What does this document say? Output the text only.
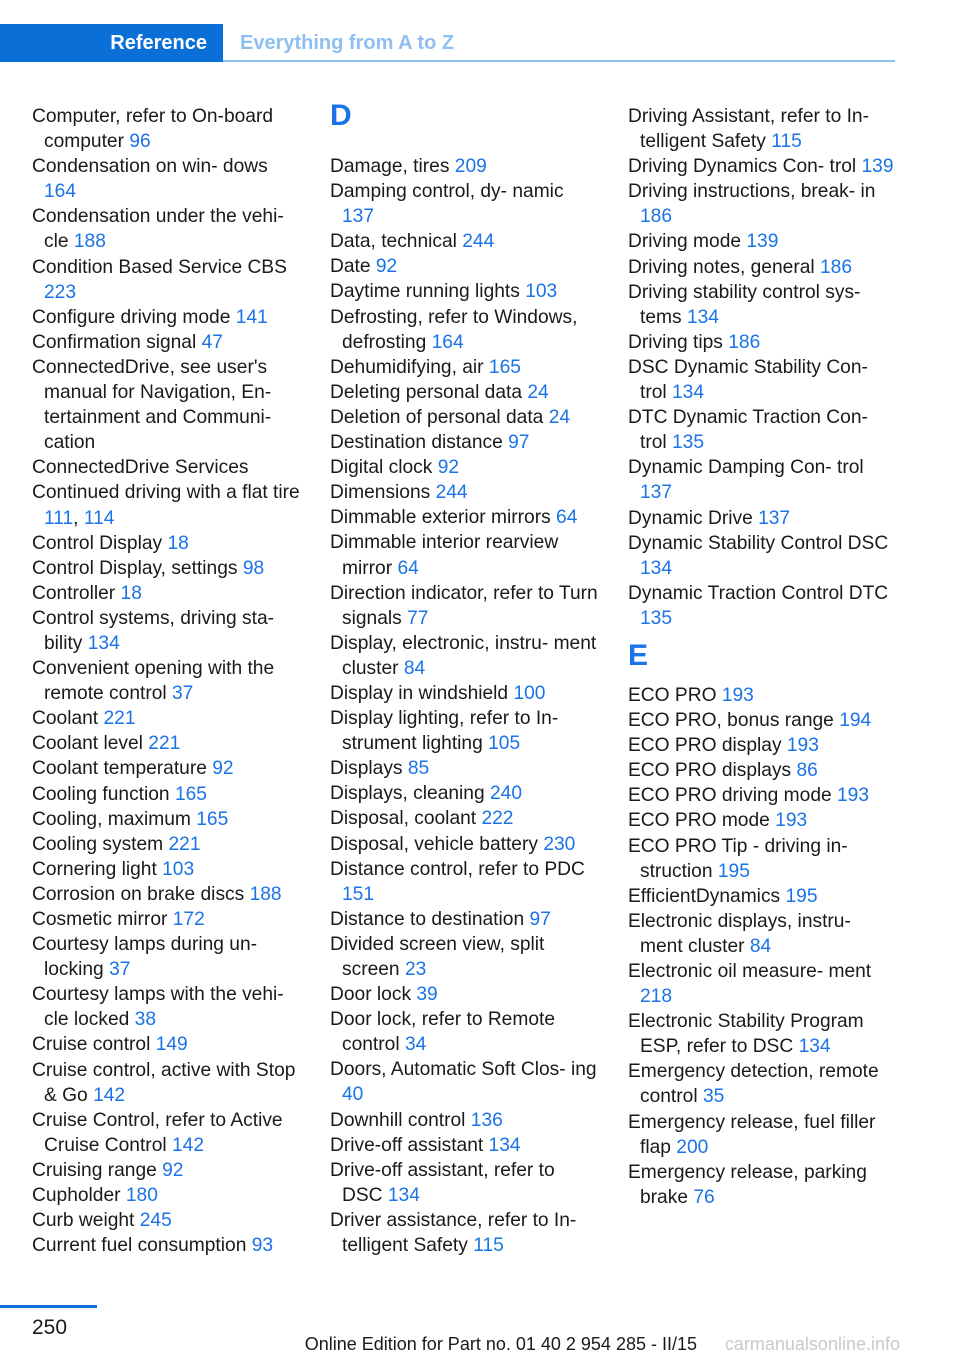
Reference	Everything from A to Z
Computer, refer to On-board computer 96
Condensation on win‐ dows 164
Condensation under the vehi‐ cle 188
Condition Based Service CBS 223
Configure driving mode 141
Confirmation signal 47
ConnectedDrive, see user's manual for Navigation, En‐ tertainment and Communi‐ cation
ConnectedDrive Services
Continued driving with a flat tire 111, 114
Control Display 18
Control Display, settings 98
Controller 18
Control systems, driving sta‐ bility 134
Convenient opening with the remote control 37
Coolant 221
Coolant level 221
Coolant temperature 92
Cooling function 165
Cooling, maximum 165
Cooling system 221
Cornering light 103
Corrosion on brake discs 188
Cosmetic mirror 172
Courtesy lamps during un‐ locking 37
Courtesy lamps with the vehi‐ cle locked 38
Cruise control 149
Cruise control, active with Stop & Go 142
Cruise Control, refer to Active Cruise Control 142
Cruising range 92
Cupholder 180
Curb weight 245
Current fuel consumption 93
D
Damage, tires 209
Damping control, dy‐ namic 137
Data, technical 244
Date 92
Daytime running lights 103
Defrosting, refer to Windows, defrosting 164
Dehumidifying, air 165
Deleting personal data 24
Deletion of personal data 24
Destination distance 97
Digital clock 92
Dimensions 244
Dimmable exterior mirrors 64
Dimmable interior rearview mirror 64
Direction indicator, refer to Turn signals 77
Display, electronic, instru‐ ment cluster 84
Display in windshield 100
Display lighting, refer to In‐ strument lighting 105
Displays 85
Displays, cleaning 240
Disposal, coolant 222
Disposal, vehicle battery 230
Distance control, refer to PDC 151
Distance to destination 97
Divided screen view, split screen 23
Door lock 39
Door lock, refer to Remote control 34
Doors, Automatic Soft Clos‐ ing 40
Downhill control 136
Drive-off assistant 134
Drive-off assistant, refer to DSC 134
Driver assistance, refer to In‐ telligent Safety 115
Driving Assistant, refer to In‐ telligent Safety 115
Driving Dynamics Con‐ trol 139
Driving instructions, break- in 186
Driving mode 139
Driving notes, general 186
Driving stability control sys‐ tems 134
Driving tips 186
DSC Dynamic Stability Con‐ trol 134
DTC Dynamic Traction Con‐ trol 135
Dynamic Damping Con‐ trol 137
Dynamic Drive 137
Dynamic Stability Control DSC 134
Dynamic Traction Control DTC 135
E
ECO PRO 193
ECO PRO, bonus range 194
ECO PRO display 193
ECO PRO displays 86
ECO PRO driving mode 193
ECO PRO mode 193
ECO PRO Tip - driving in‐ struction 195
EfficientDynamics 195
Electronic displays, instru‐ ment cluster 84
Electronic oil measure‐ ment 218
Electronic Stability Program ESP, refer to DSC 134
Emergency detection, remote control 35
Emergency release, fuel filler flap 200
Emergency release, parking brake 76
250
Online Edition for Part no. 01 40 2 954 285 - II/15 carmanualsonline.info
